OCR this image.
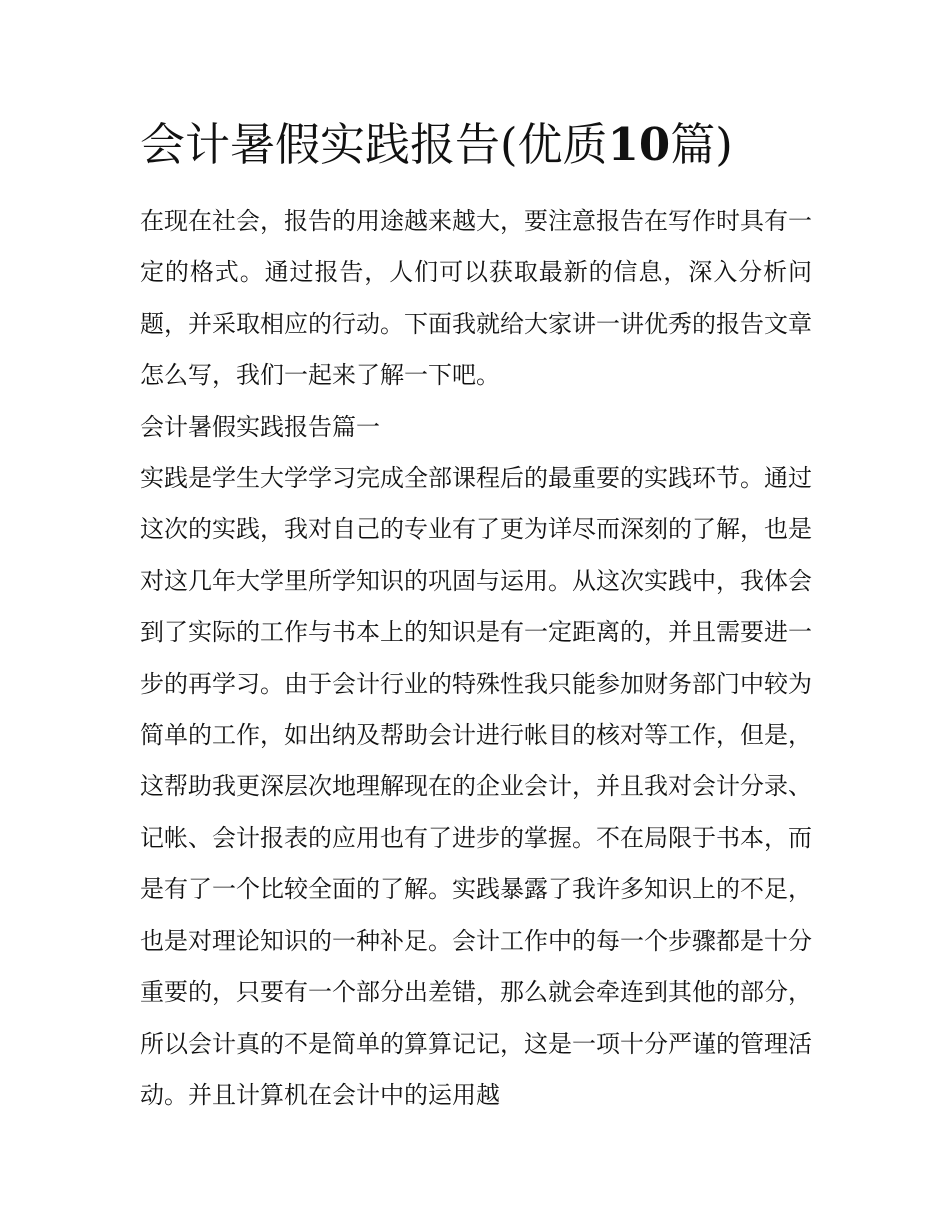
会计暑假实践报告(优质10篇)

在现在社会，报告的用途越来越大，要注意报告在写作时具有一定的格式。通过报告，人们可以获取最新的信息，深入分析问题，并采取相应的行动。下面我就给大家讲一讲优秀的报告文章怎么写，我们一起来了解一下吧。

会计暑假实践报告篇一

实践是学生大学学习完成全部课程后的最重要的实践环节。通过这次的实践，我对自己的专业有了更为详尽而深刻的了解，也是对这几年大学里所学知识的巩固与运用。从这次实践中，我体会到了实际的工作与书本上的知识是有一定距离的，并且需要进一步的再学习。由于会计行业的特殊性我只能参加财务部门中较为简单的工作，如出纳及帮助会计进行帐目的核对等工作，但是，这帮助我更深层次地理解现在的企业会计，并且我对会计分录、记帐、会计报表的应用也有了进步的掌握。不在局限于书本，而是有了一个比较全面的了解。实践暴露了我许多知识上的不足，也是对理论知识的一种补足。会计工作中的每一个步骤都是十分重要的，只要有一个部分出差错，那么就会牵连到其他的部分，所以会计真的不是简单的算算记记，这是一项十分严谨的管理活动。并且计算机在会计中的运用越
